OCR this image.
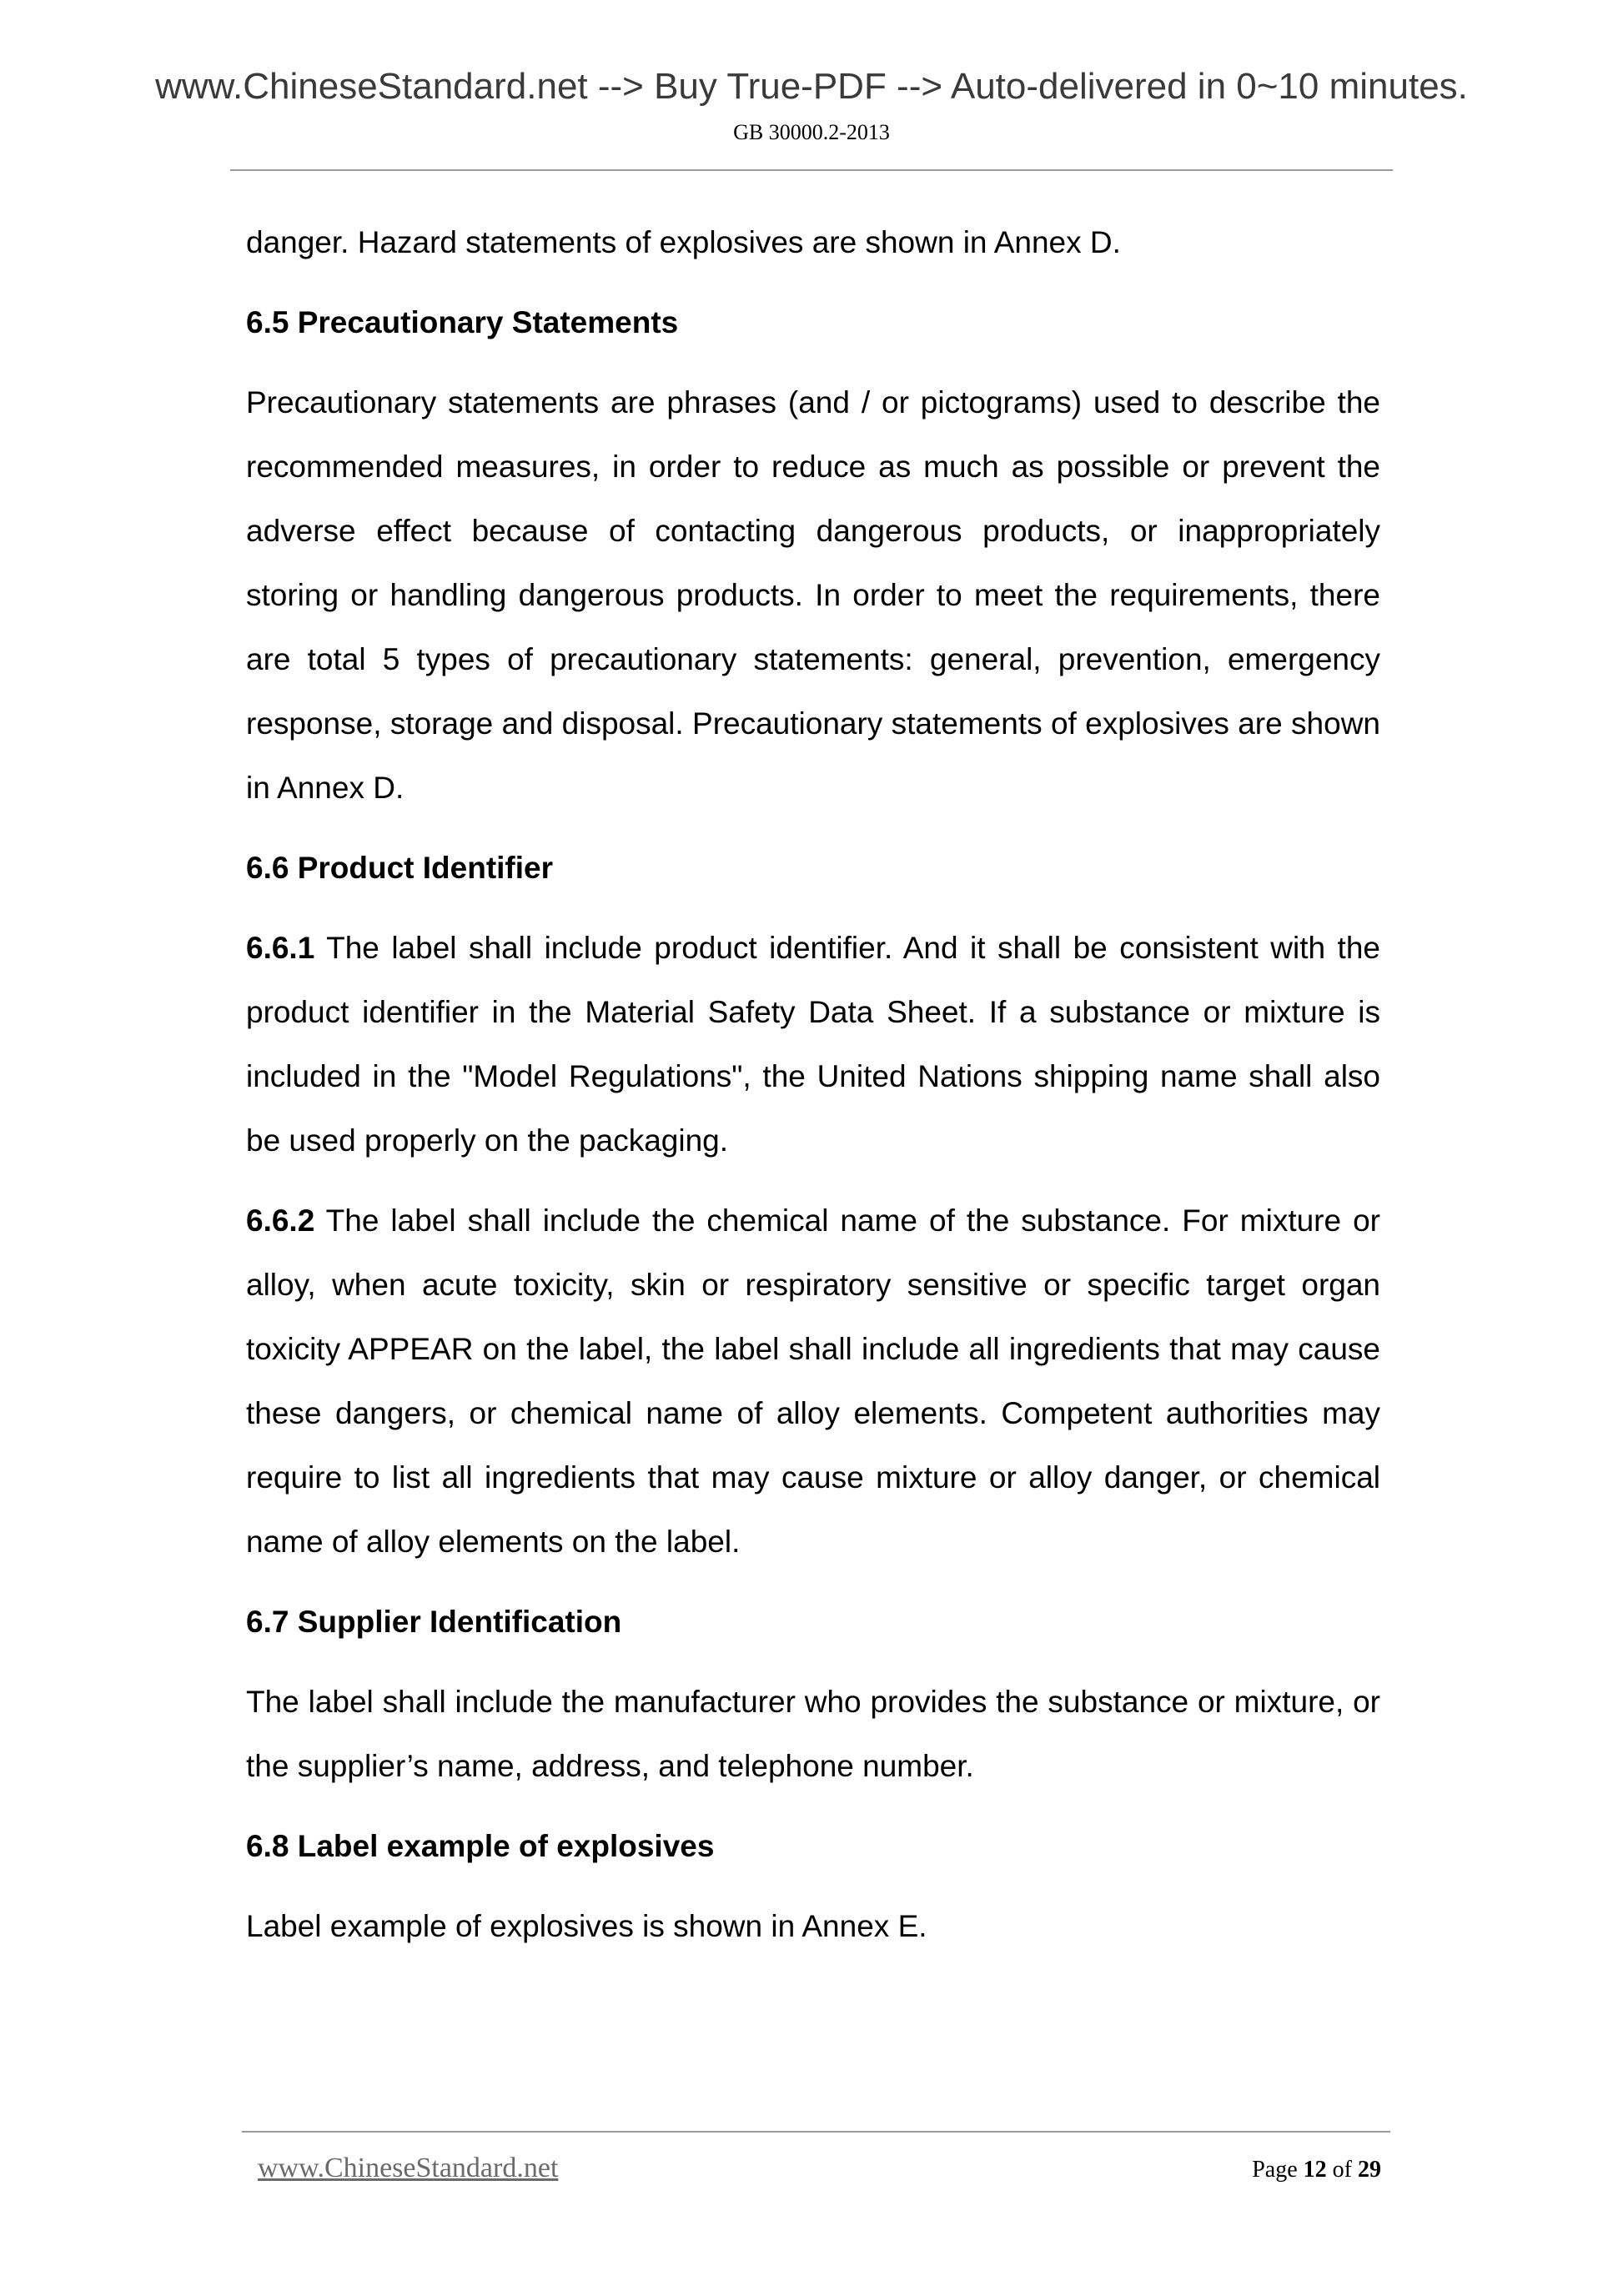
www.ChineseStandard.net --> Buy True-PDF --> Auto-delivered in 0~10 minutes.
GB 30000.2-2013

danger. Hazard statements of explosives are shown in Annex D.

6.5 Precautionary Statements

Precautionary statements are phrases (and / or pictograms) used to describe the recommended measures, in order to reduce as much as possible or prevent the adverse effect because of contacting dangerous products, or inappropriately storing or handling dangerous products. In order to meet the requirements, there are total 5 types of precautionary statements: general, prevention, emergency response, storage and disposal. Precautionary statements of explosives are shown in Annex D.

6.6 Product Identifier

6.6.1 The label shall include product identifier. And it shall be consistent with the product identifier in the Material Safety Data Sheet. If a substance or mixture is included in the "Model Regulations", the United Nations shipping name shall also be used properly on the packaging.

6.6.2 The label shall include the chemical name of the substance. For mixture or alloy, when acute toxicity, skin or respiratory sensitive or specific target organ toxicity APPEAR on the label, the label shall include all ingredients that may cause these dangers, or chemical name of alloy elements. Competent authorities may require to list all ingredients that may cause mixture or alloy danger, or chemical name of alloy elements on the label.

6.7 Supplier Identification

The label shall include the manufacturer who provides the substance or mixture, or the supplier’s name, address, and telephone number.

6.8 Label example of explosives

Label example of explosives is shown in Annex E.

www.ChineseStandard.net	Page 12 of 29
